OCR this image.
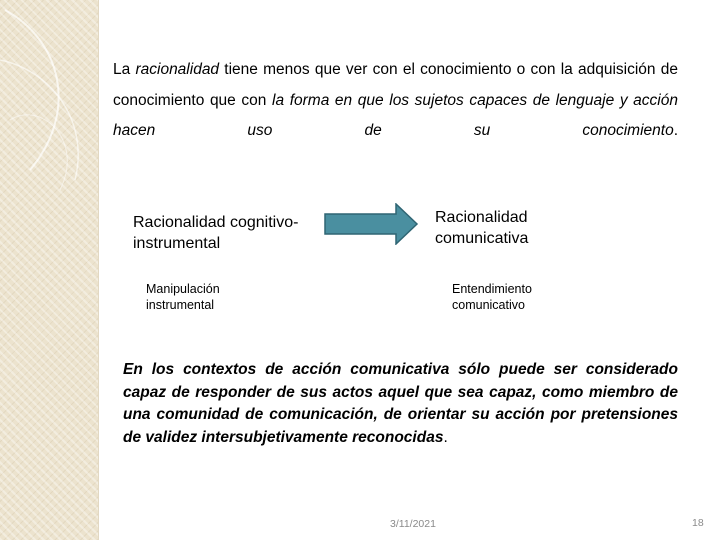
La racionalidad tiene menos que ver con el conocimiento o con la adquisición de conocimiento que con la forma en que los sujetos capaces de lenguaje y acción hacen uso de su conocimiento.

Racionalidad cognitivo-instrumental

Racionalidad comunicativa

Manipulación instrumental

Entendimiento comunicativo

En los contextos de acción comunicativa sólo puede ser considerado capaz de responder de sus actos aquel que sea capaz, como miembro de una comunidad de comunicación, de orientar su acción por pretensiones de validez intersubjetivamente reconocidas.

3/11/2021	18
